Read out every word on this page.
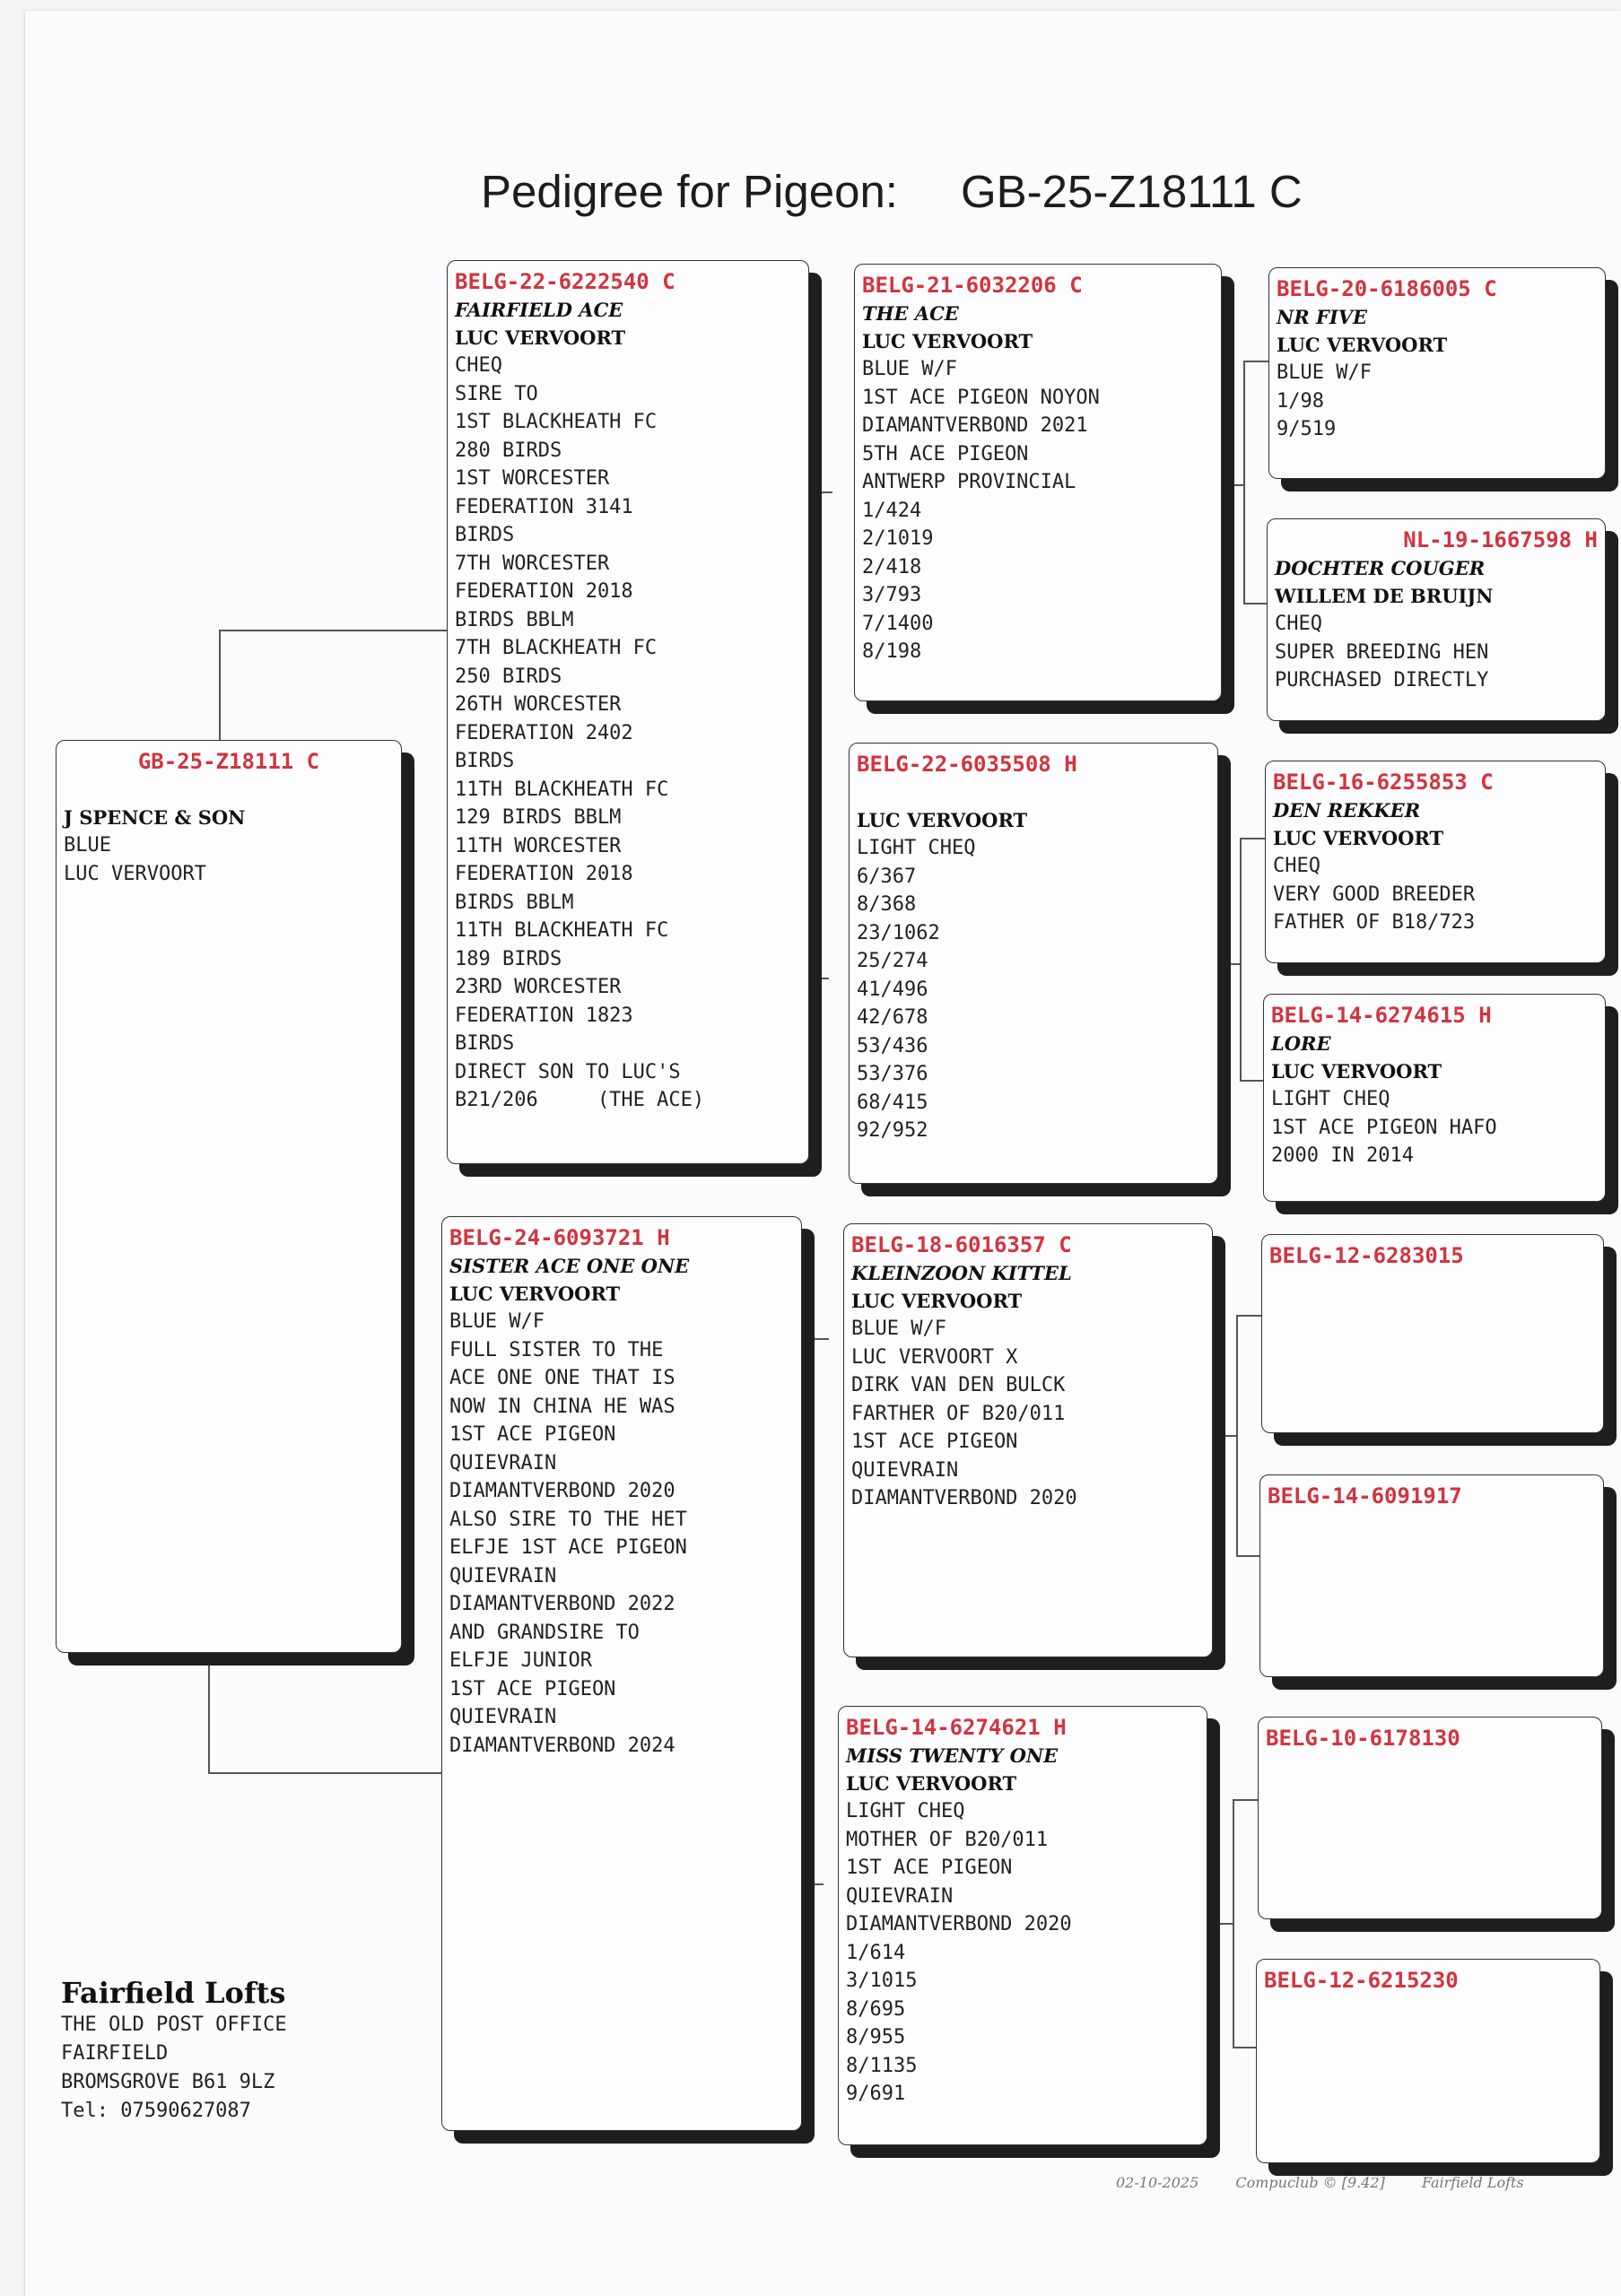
Pedigree for Pigeon: GB-25-Z18111 C
GB-25-Z18111 C
J SPENCE & SON
BLUE
LUC VERVOORT
BELG-22-6222540 C
FAIRFIELD ACE
LUC VERVOORT
CHEQ
SIRE TO
1ST BLACKHEATH FC
280 BIRDS
1ST WORCESTER
FEDERATION 3141
BIRDS
7TH WORCESTER
FEDERATION 2018
BIRDS BBLM
7TH BLACKHEATH FC
250 BIRDS
26TH WORCESTER
FEDERATION 2402
BIRDS
11TH BLACKHEATH FC
129 BIRDS BBLM
11TH WORCESTER
FEDERATION 2018
BIRDS BBLM
11TH BLACKHEATH FC
189 BIRDS
23RD WORCESTER
FEDERATION 1823
BIRDS
DIRECT SON TO LUC'S
B21/206     (THE ACE)
BELG-24-6093721 H
SISTER ACE ONE ONE
LUC VERVOORT
BLUE W/F
FULL SISTER TO THE
ACE ONE ONE THAT IS
NOW IN CHINA HE WAS
1ST ACE PIGEON
QUIEVRAIN
DIAMANTVERBOND 2020
ALSO SIRE TO THE HET
ELFJE 1ST ACE PIGEON
QUIEVRAIN
DIAMANTVERBOND 2022
AND GRANDSIRE TO
ELFJE JUNIOR
1ST ACE PIGEON
QUIEVRAIN
DIAMANTVERBOND 2024
BELG-21-6032206 C
THE ACE
LUC VERVOORT
BLUE W/F
1ST ACE PIGEON NOYON
DIAMANTVERBOND 2021
5TH ACE PIGEON
ANTWERP PROVINCIAL
1/424
2/1019
2/418
3/793
7/1400
8/198
BELG-22-6035508 H
LUC VERVOORT
LIGHT CHEQ
6/367
8/368
23/1062
25/274
41/496
42/678
53/436
53/376
68/415
92/952
BELG-18-6016357 C
KLEINZOON KITTEL
LUC VERVOORT
BLUE W/F
LUC VERVOORT X
DIRK VAN DEN BULCK
FARTHER OF B20/011
1ST ACE PIGEON
QUIEVRAIN
DIAMANTVERBOND 2020
BELG-14-6274621 H
MISS TWENTY ONE
LUC VERVOORT
LIGHT CHEQ
MOTHER OF B20/011
1ST ACE PIGEON
QUIEVRAIN
DIAMANTVERBOND 2020
1/614
3/1015
8/695
8/955
8/1135
9/691
BELG-20-6186005 C
NR FIVE
LUC VERVOORT
BLUE W/F
1/98
9/519
NL-19-1667598 H
DOCHTER COUGER
WILLEM DE BRUIJN
CHEQ
SUPER BREEDING HEN
PURCHASED DIRECTLY
BELG-16-6255853 C
DEN REKKER
LUC VERVOORT
CHEQ
VERY GOOD BREEDER
FATHER OF B18/723
BELG-14-6274615 H
LORE
LUC VERVOORT
LIGHT CHEQ
1ST ACE PIGEON HAFO
2000 IN 2014
BELG-12-6283015
BELG-14-6091917
BELG-10-6178130
BELG-12-6215230
Fairfield Lofts
THE OLD POST OFFICE
FAIRFIELD
BROMSGROVE B61 9LZ
Tel: 07590627087
02-10-2025	Compuclub © [9.42]	Fairfield Lofts
